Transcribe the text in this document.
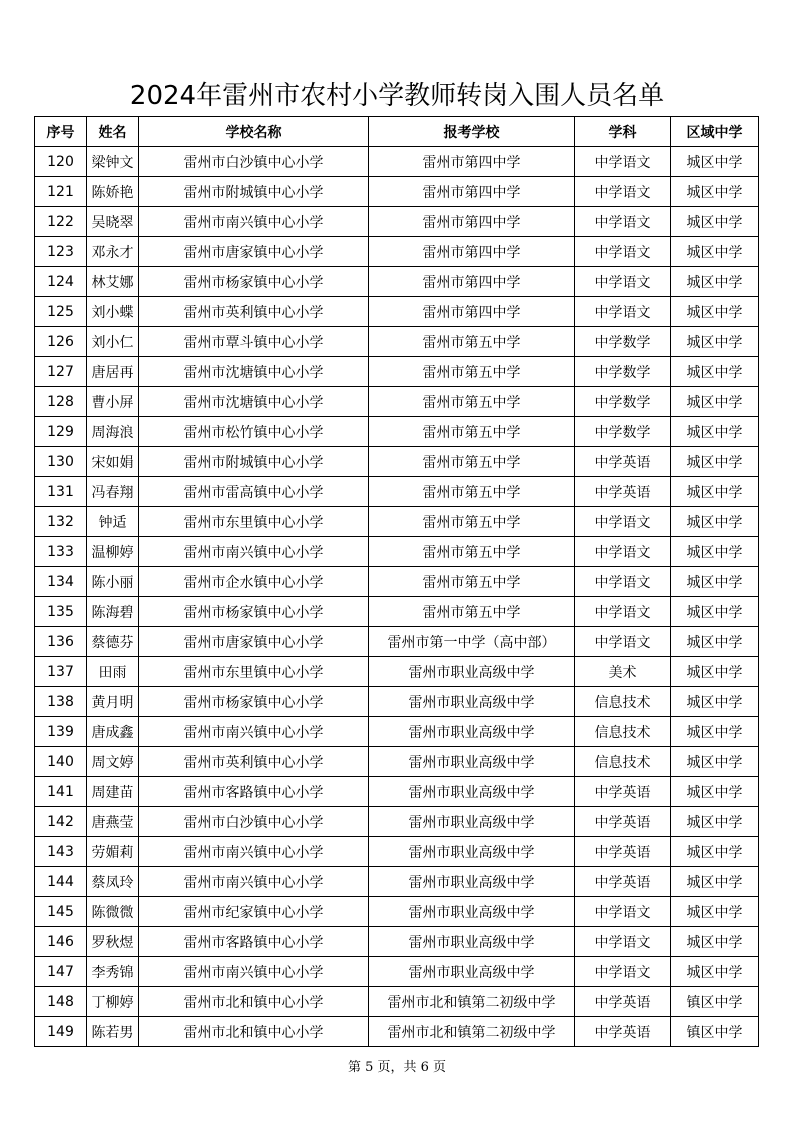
2024年雷州市农村小学教师转岗入围人员名单
序号	姓名	学校名称	报考学校	学科	区域中学
120	梁钟文	雷州市白沙镇中心小学	雷州市第四中学	中学语文	城区中学
121	陈娇艳	雷州市附城镇中心小学	雷州市第四中学	中学语文	城区中学
122	吴晓翠	雷州市南兴镇中心小学	雷州市第四中学	中学语文	城区中学
123	邓永才	雷州市唐家镇中心小学	雷州市第四中学	中学语文	城区中学
124	林艾娜	雷州市杨家镇中心小学	雷州市第四中学	中学语文	城区中学
125	刘小蝶	雷州市英利镇中心小学	雷州市第四中学	中学语文	城区中学
126	刘小仁	雷州市覃斗镇中心小学	雷州市第五中学	中学数学	城区中学
127	唐居再	雷州市沈塘镇中心小学	雷州市第五中学	中学数学	城区中学
128	曹小屏	雷州市沈塘镇中心小学	雷州市第五中学	中学数学	城区中学
129	周海浪	雷州市松竹镇中心小学	雷州市第五中学	中学数学	城区中学
130	宋如娟	雷州市附城镇中心小学	雷州市第五中学	中学英语	城区中学
131	冯春翔	雷州市雷高镇中心小学	雷州市第五中学	中学英语	城区中学
132	钟适	雷州市东里镇中心小学	雷州市第五中学	中学语文	城区中学
133	温柳婷	雷州市南兴镇中心小学	雷州市第五中学	中学语文	城区中学
134	陈小丽	雷州市企水镇中心小学	雷州市第五中学	中学语文	城区中学
135	陈海碧	雷州市杨家镇中心小学	雷州市第五中学	中学语文	城区中学
136	蔡德芬	雷州市唐家镇中心小学	雷州市第一中学（高中部）	中学语文	城区中学
137	田雨	雷州市东里镇中心小学	雷州市职业高级中学	美术	城区中学
138	黄月明	雷州市杨家镇中心小学	雷州市职业高级中学	信息技术	城区中学
139	唐成鑫	雷州市南兴镇中心小学	雷州市职业高级中学	信息技术	城区中学
140	周文婷	雷州市英利镇中心小学	雷州市职业高级中学	信息技术	城区中学
141	周建苗	雷州市客路镇中心小学	雷州市职业高级中学	中学英语	城区中学
142	唐燕莹	雷州市白沙镇中心小学	雷州市职业高级中学	中学英语	城区中学
143	劳媚莉	雷州市南兴镇中心小学	雷州市职业高级中学	中学英语	城区中学
144	蔡凤玲	雷州市南兴镇中心小学	雷州市职业高级中学	中学英语	城区中学
145	陈微微	雷州市纪家镇中心小学	雷州市职业高级中学	中学语文	城区中学
146	罗秋煜	雷州市客路镇中心小学	雷州市职业高级中学	中学语文	城区中学
147	李秀锦	雷州市南兴镇中心小学	雷州市职业高级中学	中学语文	城区中学
148	丁柳婷	雷州市北和镇中心小学	雷州市北和镇第二初级中学	中学英语	镇区中学
149	陈若男	雷州市北和镇中心小学	雷州市北和镇第二初级中学	中学英语	镇区中学
第 5 页，共 6 页
